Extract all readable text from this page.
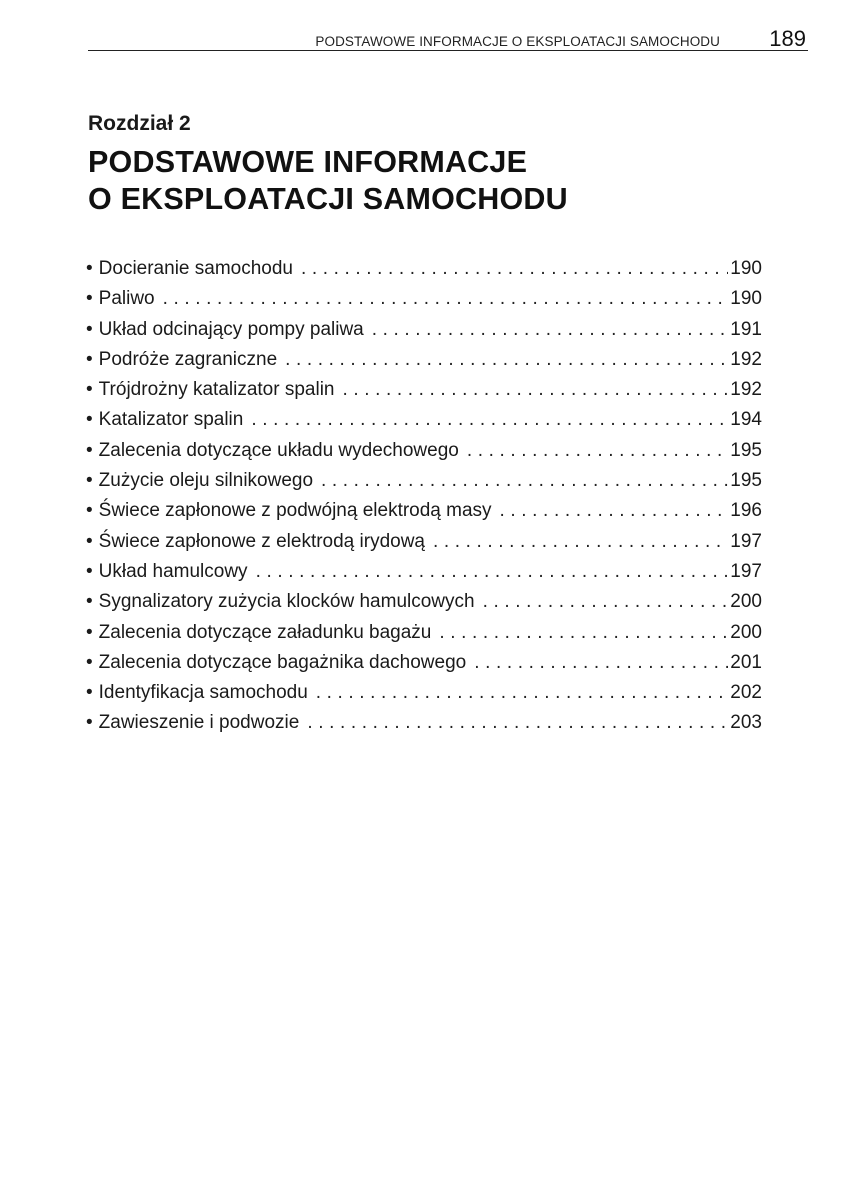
PODSTAWOWE INFORMACJE O EKSPLOATACJI SAMOCHODU 189
Rozdział 2
PODSTAWOWE INFORMACJE
O EKSPLOATACJI SAMOCHODU
• Docieranie samochodu .....	190
• Paliwo .....	190
• Układ odcinający pompy paliwa .....	191
• Podróże zagraniczne .....	192
• Trójdrożny katalizator spalin .....	192
• Katalizator spalin .....	194
• Zalecenia dotyczące układu wydechowego .....	195
• Zużycie oleju silnikowego .....	195
• Świece zapłonowe z podwójną elektrodą masy .....	196
• Świece zapłonowe z elektrodą irydową .....	197
• Układ hamulcowy .....	197
• Sygnalizatory zużycia klocków hamulcowych .....	200
• Zalecenia dotyczące załadunku bagażu .....	200
• Zalecenia dotyczące bagażnika dachowego .....	201
• Identyfikacja samochodu .....	202
• Zawieszenie i podwozie .....	203
